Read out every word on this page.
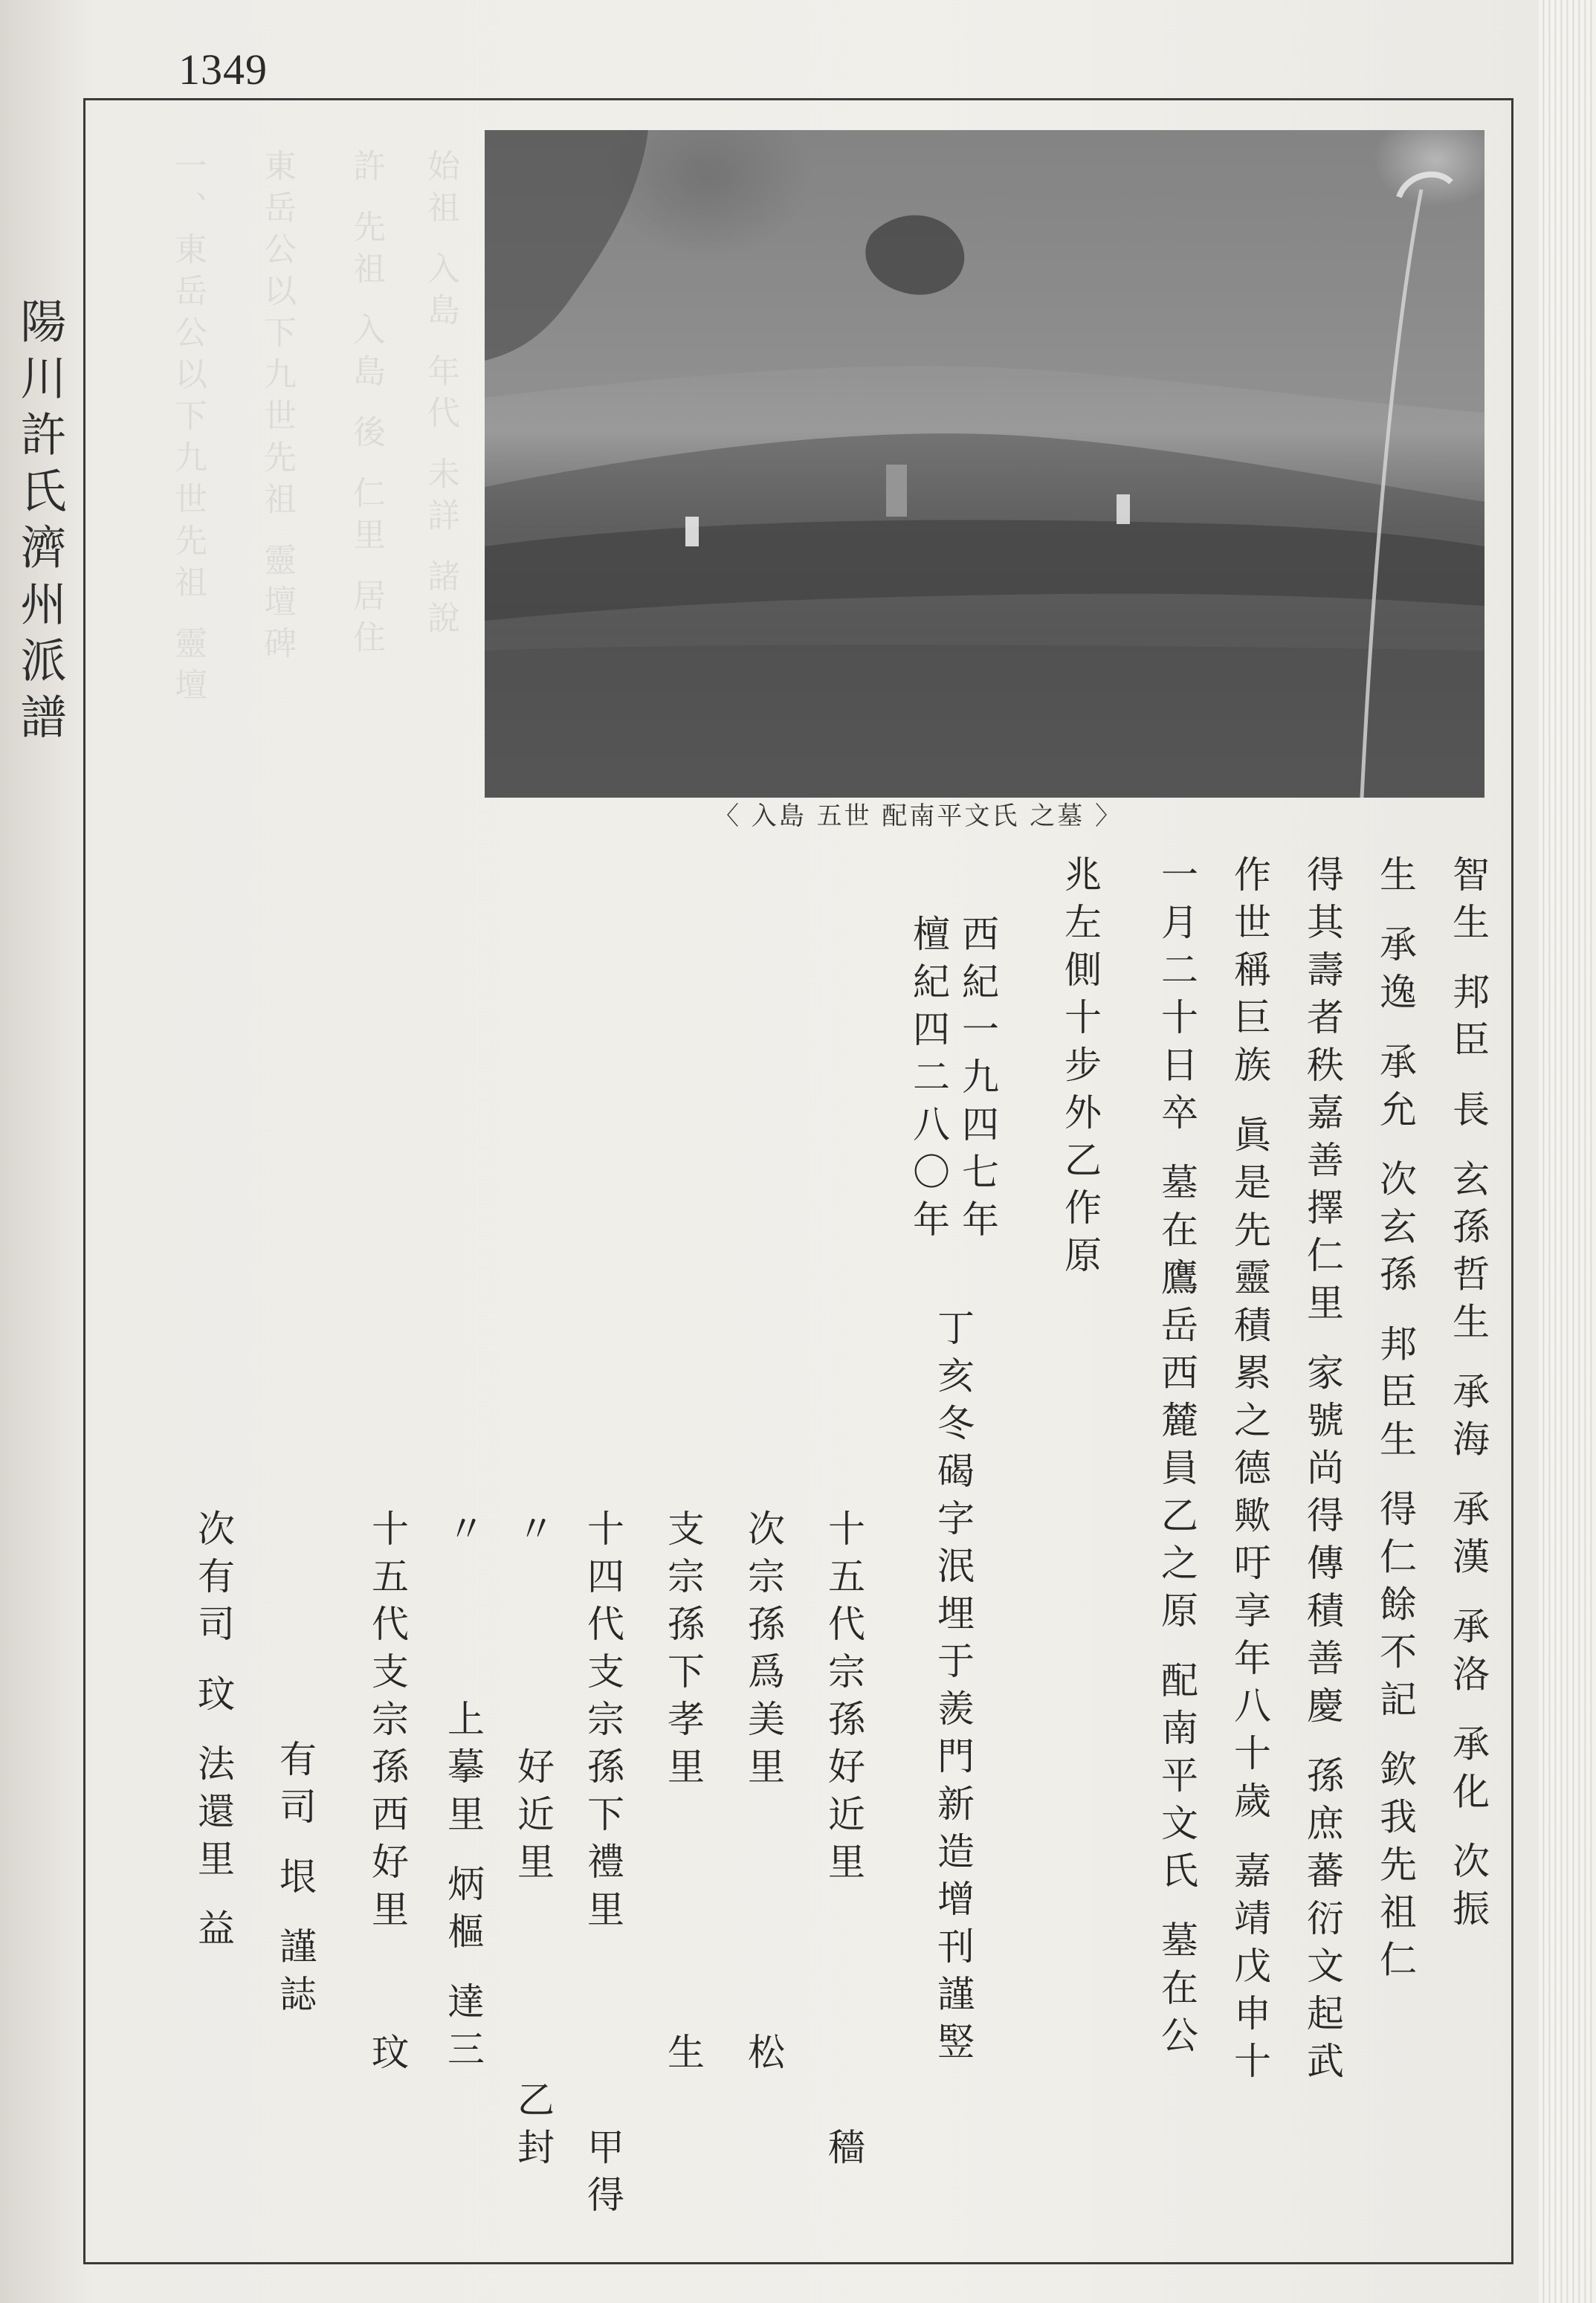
1349
陽川許氏濟州派譜	一、東岳公以下九世先祖 靈壇 東岳公以下九世先祖 靈壇碑 許 先祖 入島 後 仁里 居住 始祖 入島 年代 未詳 諸說
〈 入島 五世 配南平文氏 之墓 〉
智生 邦臣 長 玄孫哲生 承海 承漢 承洛 承化 次振
生 承逸 承允 次玄孫 邦臣生 得仁餘不記 欽我先祖仁
得其壽者秩嘉善擇仁里 家號尚得傳積善慶 孫庶蕃衍文起武
作世稱巨族 眞是先靈積累之德歟吁享年八十歲 嘉靖戊申十
一月二十日卒 墓在鷹岳西麓員乙之原 配南平文氏 墓在公
兆左側十步外乙作原
西紀一九四七年
檀紀四二八〇年
丁亥冬碣字泯埋于羨門新造增刊謹竪
十五代宗孫好近里　　　　　穡
次宗孫爲美里　　　　　松
支宗孫下孝里　　　　　生
十四代支宗孫下禮里　　　　甲得
〃　　　　好近里　　　　乙封
〃　　　上摹里 炳樞 達三
十五代支宗孫西好里　　玟
有司 垠 謹誌
次有司 玟 法還里 益
